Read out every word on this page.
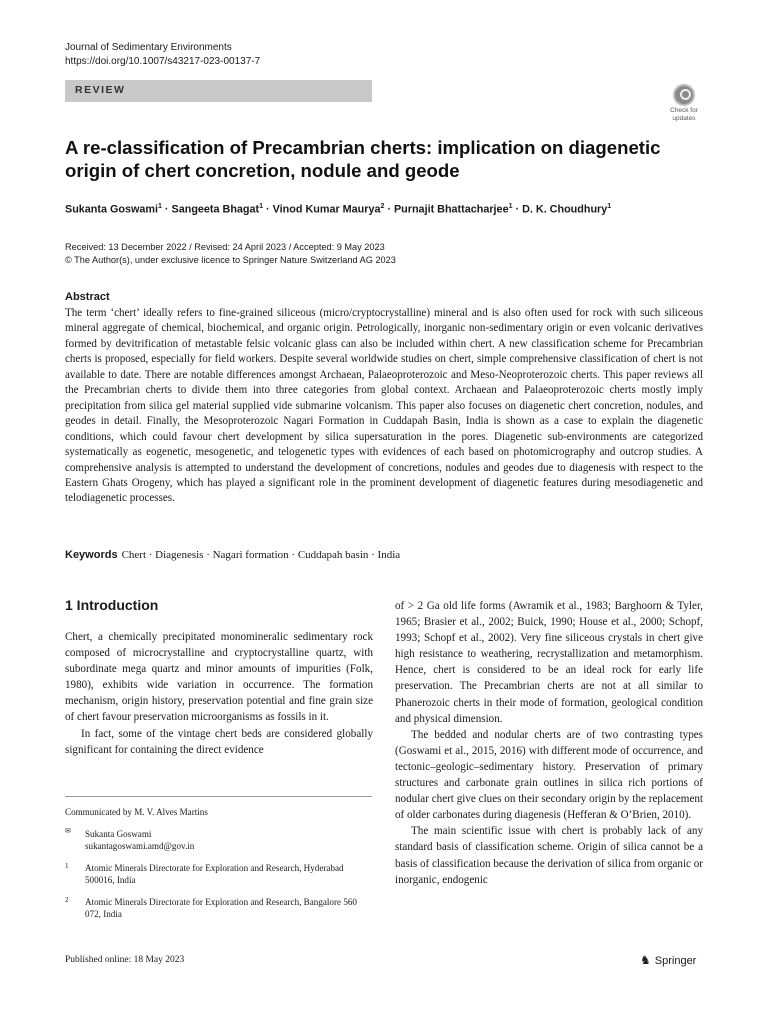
Journal of Sedimentary Environments
https://doi.org/10.1007/s43217-023-00137-7
REVIEW
Check for
updates
A re-classification of Precambrian cherts: implication on diagenetic origin of chert concretion, nodule and geode
Sukanta Goswami$^1$ · Sangeeta Bhagat$^1$ · Vinod Kumar Maurya$^2$ · Purnajit Bhattacharjee$^1$ · D. K. Choudhury$^1$
Received: 13 December 2022 / Revised: 24 April 2023 / Accepted: 9 May 2023
© The Author(s), under exclusive licence to Springer Nature Switzerland AG 2023
Abstract
The term ‘chert’ ideally refers to fine-grained siliceous (micro/cryptocrystalline) mineral and is also often used for rock with such siliceous mineral aggregate of chemical, biochemical, and organic origin. Petrologically, inorganic non-sedimentary origin or even volcanic derivatives formed by devitrification of metastable felsic volcanic glass can also be included within chert. A new classification scheme for Precambrian cherts is proposed, especially for field workers. Despite several worldwide studies on chert, simple comprehensive classification of chert is not available to date. There are notable differences amongst Archaean, Palaeoproterozoic and Meso-Neoproterozoic cherts. This paper reviews all the Precambrian cherts to divide them into three categories from global context. Archaean and Palaeoproterozoic cherts mostly imply precipitation from silica gel material supplied vide submarine volcanism. This paper also focuses on diagenetic chert concretion, nodules, and geodes in detail. Finally, the Mesoproterozoic Nagari Formation in Cuddapah Basin, India is shown as a case to explain the diagenetic conditions, which could favour chert development by silica supersaturation in the pores. Diagenetic sub-environments are categorized systematically as eogenetic, mesogenetic, and telogenetic types with evidences of each based on photomicrography and outcrop studies. A comprehensive analysis is attempted to understand the development of concretions, nodules and geodes due to diagenesis with respect to the Eastern Ghats Orogeny, which has played a significant role in the prominent development of diagenetic features during mesodiagenetic and telodiagenetic processes.
Keywords Chert · Diagenesis · Nagari formation · Cuddapah basin · India
1 Introduction

Chert, a chemically precipitated monomineralic sedimentary rock composed of microcrystalline and cryptocrystalline quartz, with subordinate mega quartz and minor amounts of impurities (Folk, 1980), exhibits wide variation in occurrence. The formation mechanism, origin history, preservation potential and fine grain size of chert favour preservation microorganisms as fossils in it.

In fact, some of the vintage chert beds are considered globally significant for containing the direct evidence

of > 2 Ga old life forms (Awramik et al., 1983; Barghoorn & Tyler, 1965; Brasier et al., 2002; Buick, 1990; House et al., 2000; Schopf, 1993; Schopf et al., 2002). Very fine siliceous crystals in chert give high resistance to weathering, recrystallization and metamorphism. Hence, chert is considered to be an ideal rock for early life preservation. The Precambrian cherts are not at all similar to Phanerozoic cherts in their mode of formation, geological condition and physical dimension.

The bedded and nodular cherts are of two contrasting types (Goswami et al., 2015, 2016) with different mode of occurrence, and tectonic–geologic–sedimentary history. Preservation of primary structures and carbonate grain outlines in silica rich portions of nodular chert give clues on their secondary origin by the replacement of older carbonates during diagenesis (Hefferan & O’Brien, 2010).

The main scientific issue with chert is probably lack of any standard basis of classification scheme. Origin of silica cannot be a basis of classification because the derivation of silica from organic or inorganic, endogenic

Communicated by M. V. Alves Martins
✉ Sukanta Goswami
sukantagoswami.amd@gov.in
1 Atomic Minerals Directorate for Exploration and Research, Hyderabad 500016, India
2 Atomic Minerals Directorate for Exploration and Research, Bangalore 560 072, India
Published online: 18 May 2023	♞ Springer
